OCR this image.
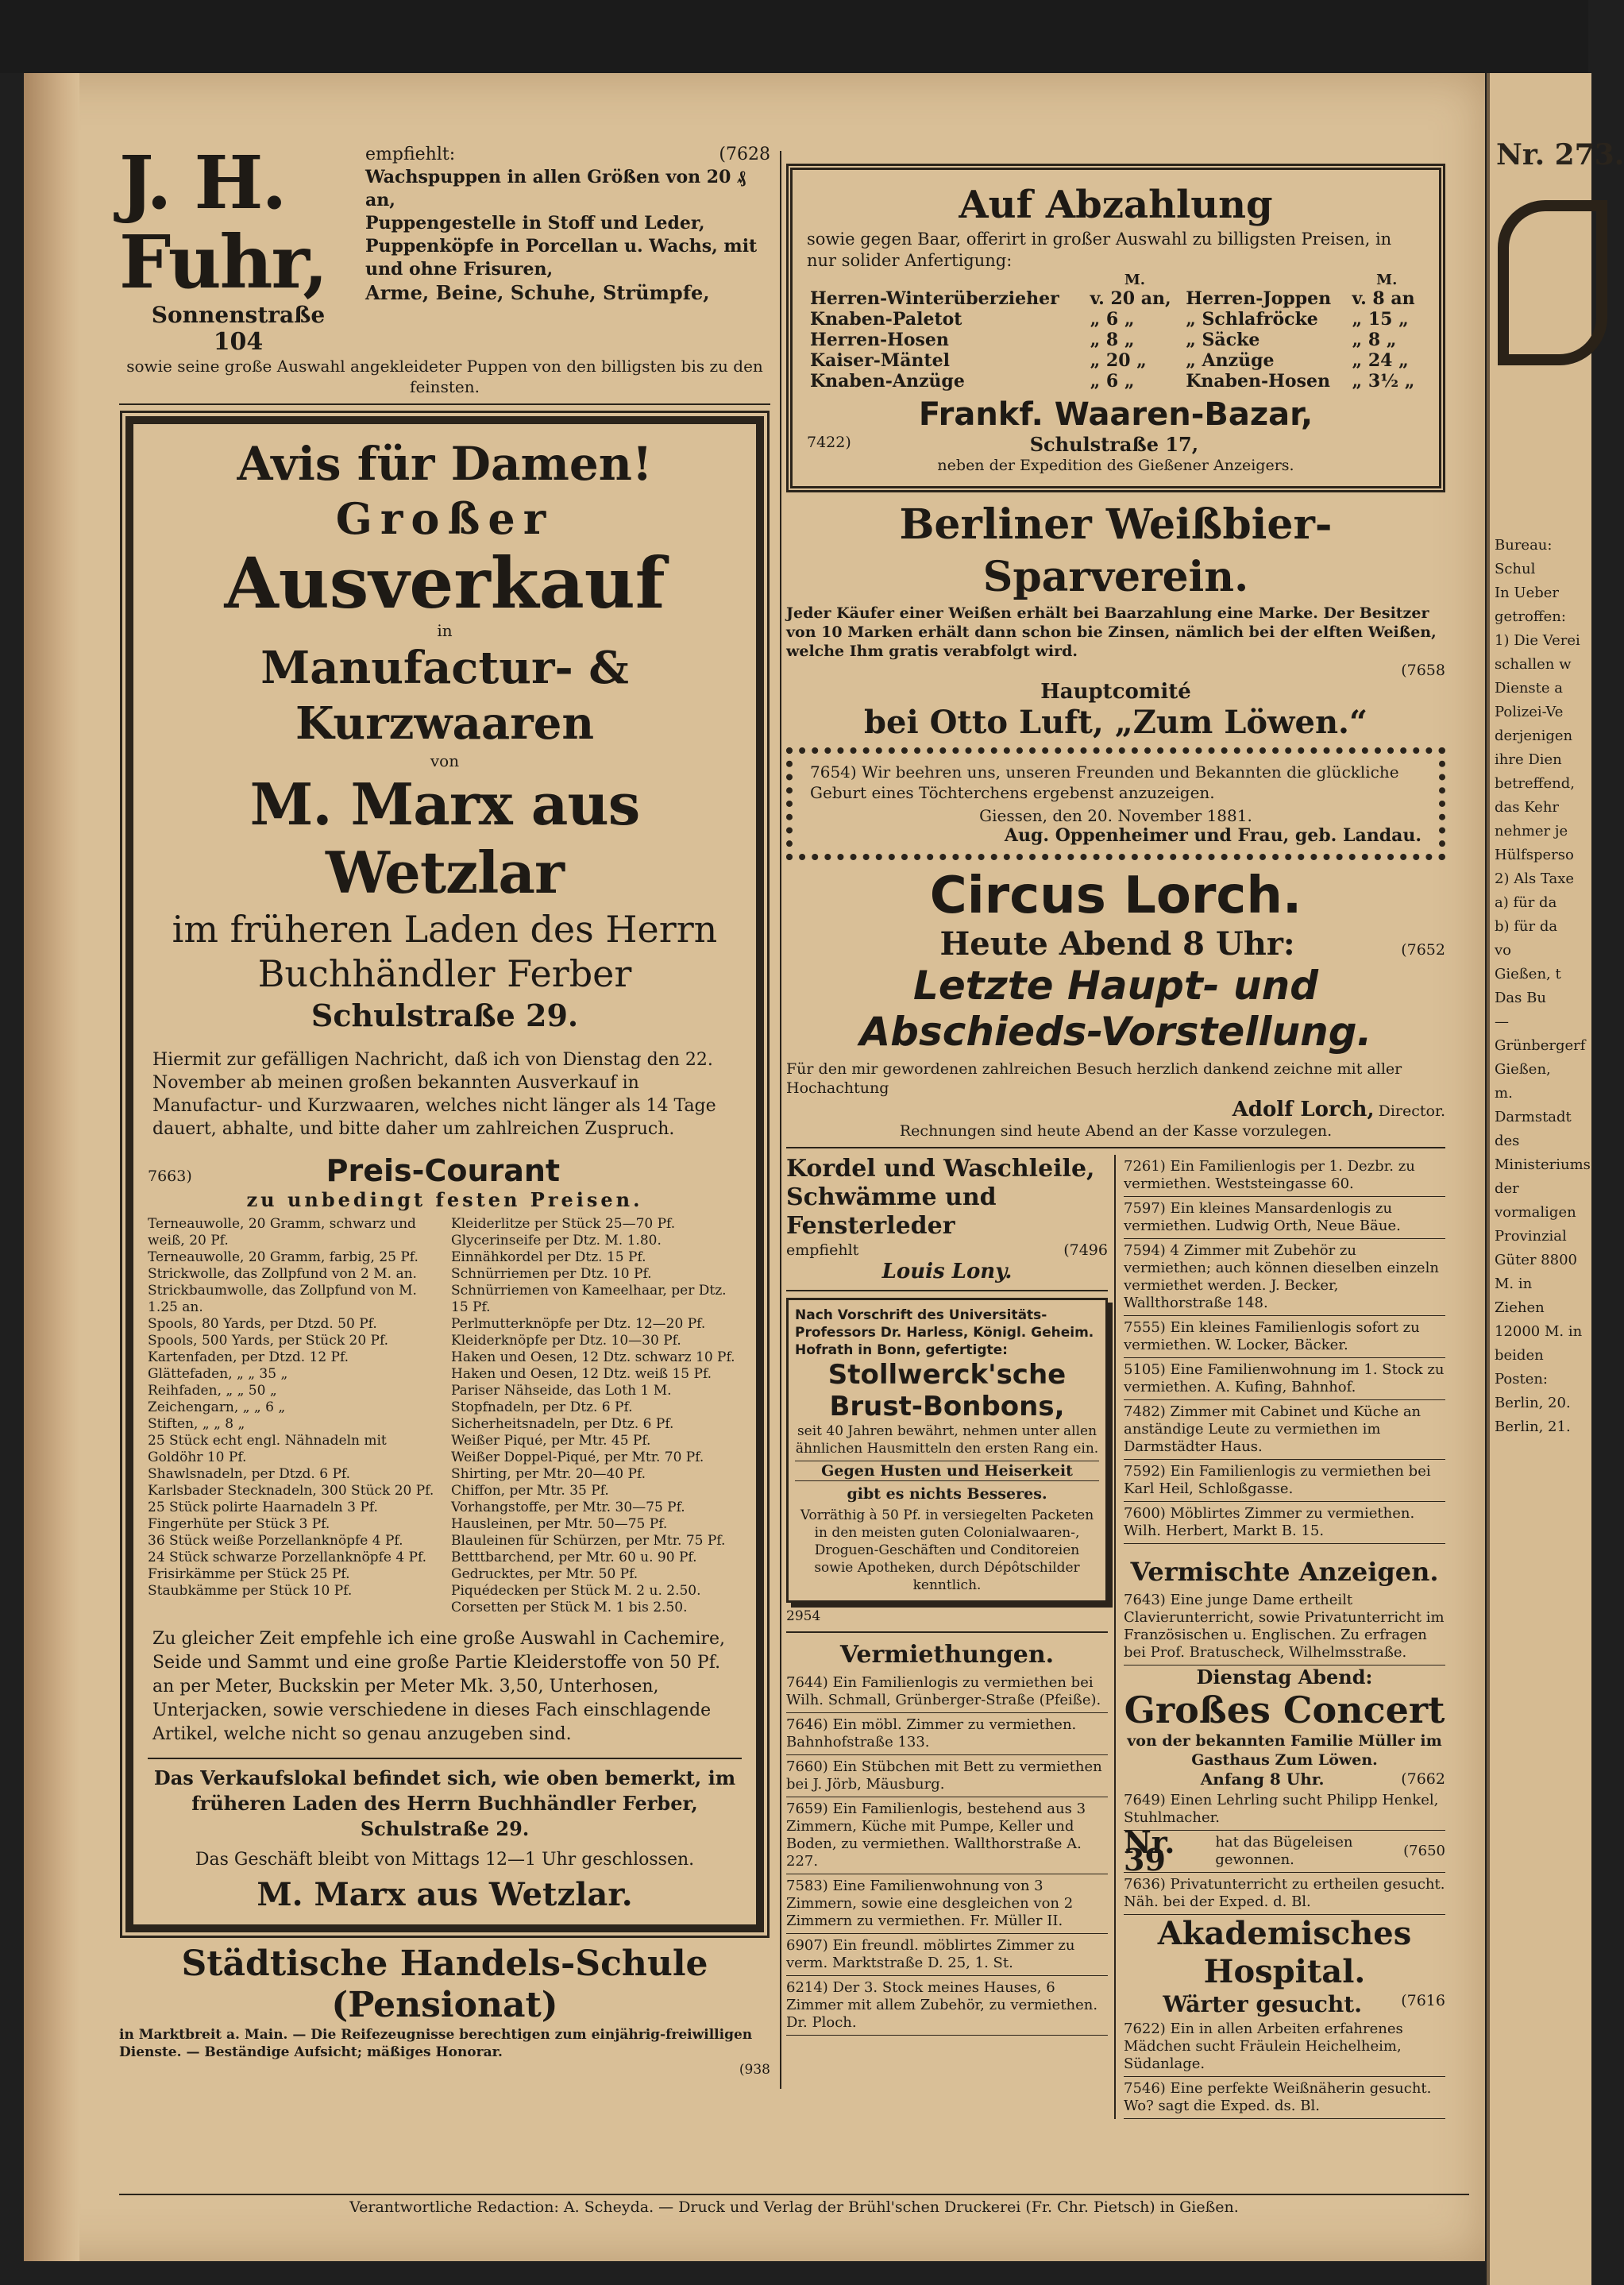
J. H. Fuhr,
Sonnenstraße
104
empfiehlt:	(7628
Wachspuppen in allen Größen von 20 ₰ an,
Puppengestelle in Stoff und Leder,
Puppenköpfe in Porcellan u. Wachs, mit und ohne Frisuren,
Arme, Beine, Schuhe, Strümpfe,
sowie seine große Auswahl angekleideter Puppen von den billigsten bis zu den feinsten.
Avis für Damen!
Großer
Ausverkauf
in
Manufactur- & Kurzwaaren
von
M. Marx aus Wetzlar
im früheren Laden des Herrn
Buchhändler Ferber
Schulstraße 29.
Hiermit zur gefälligen Nachricht, daß ich von Dienstag den 22. November ab meinen großen bekannten Ausverkauf in Manufactur- und Kurzwaaren, welches nicht länger als 14 Tage dauert, abhalte, und bitte daher um zahlreichen Zuspruch.
7663)	Preis-Courant
zu unbedingt festen Preisen.
Terneauwolle, 20 Gramm, schwarz und weiß, 20 Pf.
Terneauwolle, 20 Gramm, farbig, 25 Pf.
Strickwolle, das Zollpfund von 2 M. an.
Strickbaumwolle, das Zollpfund von M. 1.25 an.
Spools, 80 Yards, per Dtzd. 50 Pf.
Spools, 500 Yards, per Stück 20 Pf.
Kartenfaden, per Dtzd. 12 Pf.
Glättefaden, „ „ 35 „
Reihfaden, „ „ 50 „
Zeichengarn, „ „ 6 „
Stiften, „ „ 8 „
25 Stück echt engl. Nähnadeln mit Goldöhr 10 Pf.
Shawlsnadeln, per Dtzd. 6 Pf.
Karlsbader Stecknadeln, 300 Stück 20 Pf.
25 Stück polirte Haarnadeln 3 Pf.
Fingerhüte per Stück 3 Pf.
36 Stück weiße Porzellanknöpfe 4 Pf.
24 Stück schwarze Porzellanknöpfe 4 Pf.
Frisirkämme per Stück 25 Pf.
Staubkämme per Stück 10 Pf.
Kleiderlitze per Stück 25—70 Pf.
Glycerinseife per Dtz. M. 1.80.
Einnähkordel per Dtz. 15 Pf.
Schnürriemen per Dtz. 10 Pf.
Schnürriemen von Kameelhaar, per Dtz. 15 Pf.
Perlmutterknöpfe per Dtz. 12—20 Pf.
Kleiderknöpfe per Dtz. 10—30 Pf.
Haken und Oesen, 12 Dtz. schwarz 10 Pf.
Haken und Oesen, 12 Dtz. weiß 15 Pf.
Pariser Nähseide, das Loth 1 M.
Stopfnadeln, per Dtz. 6 Pf.
Sicherheitsnadeln, per Dtz. 6 Pf.
Weißer Piqué, per Mtr. 45 Pf.
Weißer Doppel-Piqué, per Mtr. 70 Pf.
Shirting, per Mtr. 20—40 Pf.
Chiffon, per Mtr. 35 Pf.
Vorhangstoffe, per Mtr. 30—75 Pf.
Hausleinen, per Mtr. 50—75 Pf.
Blauleinen für Schürzen, per Mtr. 75 Pf.
Betttbarchend, per Mtr. 60 u. 90 Pf.
Gedrucktes, per Mtr. 50 Pf.
Piquédecken per Stück M. 2 u. 2.50.
Corsetten per Stück M. 1 bis 2.50.
Zu gleicher Zeit empfehle ich eine große Auswahl in Cachemire, Seide und Sammt und eine große Partie Kleiderstoffe von 50 Pf. an per Meter, Buckskin per Meter Mk. 3,50, Unterhosen, Unterjacken, sowie verschiedene in dieses Fach einschlagende Artikel, welche nicht so genau anzugeben sind.
Das Verkaufslokal befindet sich, wie oben bemerkt, im früheren Laden des Herrn Buchhändler Ferber, Schulstraße 29.
Das Geschäft bleibt von Mittags 12—1 Uhr geschlossen.
M. Marx aus Wetzlar.
Städtische Handels-Schule (Pensionat)
in Marktbreit a. Main. — Die Reifezeugnisse berechtigen zum einjährig-freiwilligen Dienste. — Beständige Aufsicht; mäßiges Honorar.
(938
Auf Abzahlung
sowie gegen Baar, offerirt in großer Auswahl zu billigsten Preisen, in nur solider Anfertigung:
	M.		M.
Herren-Winterüberzieher	v. 20 an,	Herren-Joppen	v. 8 an
Knaben-Paletot	„ 6 „	„ Schlafröcke	„ 15 „
Herren-Hosen	„ 8 „	„ Säcke	„ 8 „
Kaiser-Mäntel	„ 20 „	„ Anzüge	„ 24 „
Knaben-Anzüge	„ 6 „	Knaben-Hosen	„ 3½ „
Frankf. Waaren-Bazar,
7422)	Schulstraße 17,
neben der Expedition des Gießener Anzeigers.
Berliner Weißbier-Sparverein.
Jeder Käufer einer Weißen erhält bei Baarzahlung eine Marke. Der Besitzer von 10 Marken erhält dann schon bie Zinsen, nämlich bei der elften Weißen, welche Ihm gratis verabfolgt wird.
(7658
Hauptcomité
bei Otto Luft, „Zum Löwen.“
7654) Wir beehren uns, unseren Freunden und Bekannten die glückliche Geburt eines Töchterchens ergebenst anzuzeigen.
Giessen, den 20. November 1881.
Aug. Oppenheimer und Frau, geb. Landau.
Circus Lorch.
Heute Abend 8 Uhr:	(7652
Letzte Haupt- und Abschieds-Vorstellung.
Für den mir gewordenen zahlreichen Besuch herzlich dankend zeichne mit aller Hochachtung
Adolf Lorch, Director.
Rechnungen sind heute Abend an der Kasse vorzulegen.
Kordel und Waschleile, Schwämme und Fensterleder
empfiehlt	(7496
Louis Lony.
Nach Vorschrift des Universitäts-Professors Dr. Harless, Königl. Geheim. Hofrath in Bonn, gefertigte:
Stollwerck'sche
Brust-Bonbons,
seit 40 Jahren bewährt, nehmen unter allen ähnlichen Hausmitteln den ersten Rang ein.
Gegen Husten und Heiserkeit
gibt es nichts Besseres.
Vorräthig à 50 Pf. in versiegelten Packeten in den meisten guten Colonialwaaren-, Droguen-Geschäften und Conditoreien sowie Apotheken, durch Dépôtschilder kenntlich.
2954
Vermiethungen.
7644) Ein Familienlogis zu vermiethen bei Wilh. Schmall, Grünberger-Straße (Pfeiße).
7646) Ein möbl. Zimmer zu vermiethen. Bahnhofstraße 133.
7660) Ein Stübchen mit Bett zu vermiethen bei J. Jörb, Mäusburg.
7659) Ein Familienlogis, bestehend aus 3 Zimmern, Küche mit Pumpe, Keller und Boden, zu vermiethen. Wallthorstraße A. 227.
7583) Eine Familienwohnung von 3 Zimmern, sowie eine desgleichen von 2 Zimmern zu vermiethen. Fr. Müller II.
6907) Ein freundl. möblirtes Zimmer zu verm. Marktstraße D. 25, 1. St.
6214) Der 3. Stock meines Hauses, 6 Zimmer mit allem Zubehör, zu vermiethen. Dr. Ploch.
7261) Ein Familienlogis per 1. Dezbr. zu vermiethen. Weststeingasse 60.
7597) Ein kleines Mansardenlogis zu vermiethen. Ludwig Orth, Neue Bäue.
7594) 4 Zimmer mit Zubehör zu vermiethen; auch können dieselben einzeln vermiethet werden. J. Becker, Wallthorstraße 148.
7555) Ein kleines Familienlogis sofort zu vermiethen. W. Locker, Bäcker.
5105) Eine Familienwohnung im 1. Stock zu vermiethen. A. Kufing, Bahnhof.
7482) Zimmer mit Cabinet und Küche an anständige Leute zu vermiethen im Darmstädter Haus.
7592) Ein Familienlogis zu vermiethen bei Karl Heil, Schloßgasse.
7600) Möblirtes Zimmer zu vermiethen. Wilh. Herbert, Markt B. 15.
Vermischte Anzeigen.
7643) Eine junge Dame ertheilt Clavierunterricht, sowie Privatunterricht im Französischen u. Englischen. Zu erfragen bei Prof. Bratuscheck, Wilhelmsstraße.
Dienstag Abend:
Großes Concert
von der bekannten Familie Müller im Gasthaus Zum Löwen.
Anfang 8 Uhr.	(7662
7649) Einen Lehrling sucht Philipp Henkel, Stuhlmacher.
Nr. 39	hat das Bügeleisen gewonnen.
(7650
7636) Privatunterricht zu ertheilen gesucht. Näh. bei der Exped. d. Bl.
Akademisches Hospital.
Wärter gesucht.	(7616
7622) Ein in allen Arbeiten erfahrenes Mädchen sucht Fräulein Heichelheim, Südanlage.
7546) Eine perfekte Weißnäherin gesucht. Wo? sagt die Exped. ds. Bl.
Verantwortliche Redaction: A. Scheyda. — Druck und Verlag der Brühl'schen Druckerei (Fr. Chr. Pietsch) in Gießen.
Nr. 273.
Bureau: Schul
In Ueber
getroffen:
1) Die Verei
schallen w
Dienste a
Polizei-Ve
derjenigen
ihre Dien
betreffend,
das Kehr
nehmer je
Hülfsperso
2) Als Taxe
a) für da
b) für da
vo
Gießen, t
Das Bu
— Grünbergerf
Gießen,
m. Darmstadt
des Ministeriums der
vormaligen Provinzial
Güter 8800 M. in
Ziehen 12000 M. in
beiden Posten:
Berlin, 20.
Berlin, 21.
